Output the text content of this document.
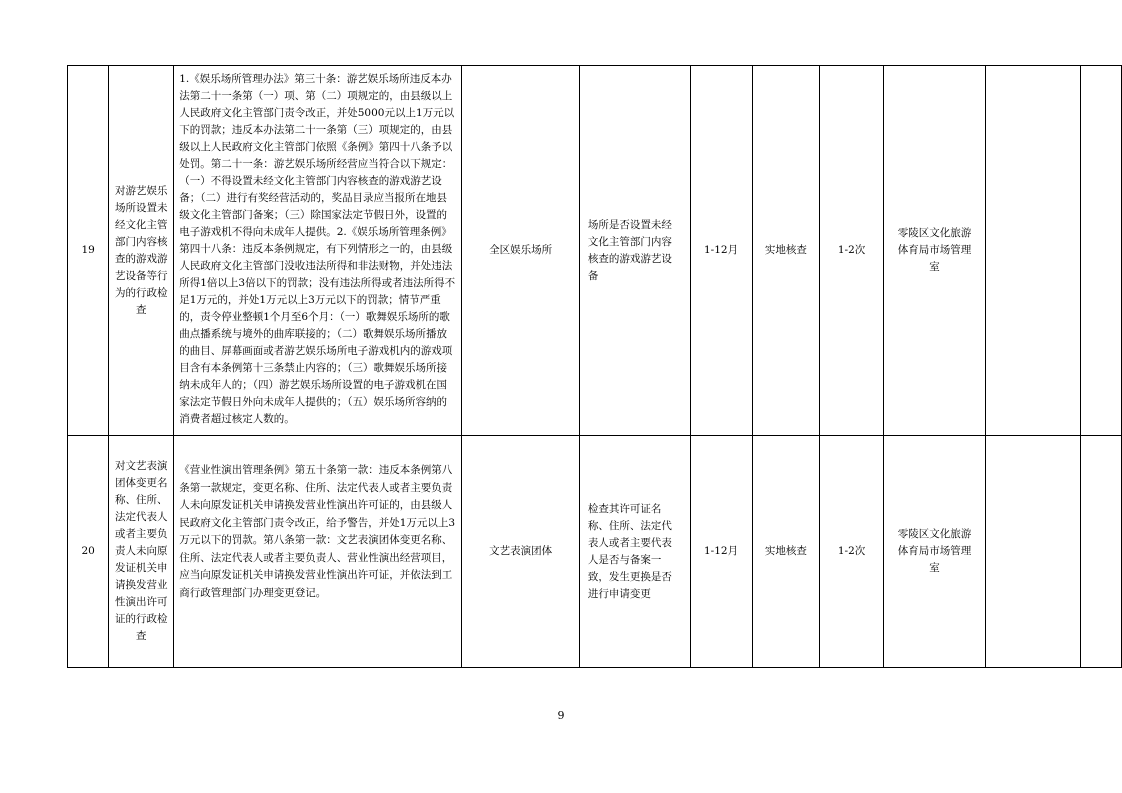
19	对游艺娱乐场所设置未经文化主管部门内容核查的游戏游艺设备等行为的行政检查	1.《娱乐场所管理办法》第三十条：游艺娱乐场所违反本办法第二十一条第（一）项、第（二）项规定的，由县级以上人民政府文化主管部门责令改正，并处5000元以上1万元以下的罚款；违反本办法第二十一条第（三）项规定的，由县级以上人民政府文化主管部门依照《条例》第四十八条予以处罚。第二十一条：游艺娱乐场所经营应当符合以下规定：（一）不得设置未经文化主管部门内容核查的游戏游艺设备；（二）进行有奖经营活动的，奖品目录应当报所在地县级文化主管部门备案；（三）除国家法定节假日外，设置的电子游戏机不得向未成年人提供。2.《娱乐场所管理条例》第四十八条：违反本条例规定，有下列情形之一的，由县级人民政府文化主管部门没收违法所得和非法财物，并处违法所得1倍以上3倍以下的罚款；没有违法所得或者违法所得不足1万元的，并处1万元以上3万元以下的罚款；情节严重的，责令停业整顿1个月至6个月：（一）歌舞娱乐场所的歌曲点播系统与境外的曲库联接的；（二）歌舞娱乐场所播放的曲目、屏幕画面或者游艺娱乐场所电子游戏机内的游戏项目含有本条例第十三条禁止内容的；（三）歌舞娱乐场所接纳未成年人的；（四）游艺娱乐场所设置的电子游戏机在国家法定节假日外向未成年人提供的；（五）娱乐场所容纳的消费者超过核定人数的。	全区娱乐场所	场所是否设置未经文化主管部门内容核查的游戏游艺设备	1-12月	实地核查	1-2次	零陵区文化旅游体育局市场管理室		
20	对文艺表演团体变更名称、住所、法定代表人或者主要负责人未向原发证机关申请换发营业性演出许可证的行政检查	《营业性演出管理条例》第五十条第一款：违反本条例第八条第一款规定，变更名称、住所、法定代表人或者主要负责人未向原发证机关申请换发营业性演出许可证的，由县级人民政府文化主管部门责令改正，给予警告，并处1万元以上3万元以下的罚款。第八条第一款：文艺表演团体变更名称、住所、法定代表人或者主要负责人、营业性演出经营项目，应当向原发证机关申请换发营业性演出许可证，并依法到工商行政管理部门办理变更登记。	文艺表演团体	检查其许可证名称、住所、法定代表人或者主要代表人是否与备案一致，发生更换是否进行申请变更	1-12月	实地核查	1-2次	零陵区文化旅游体育局市场管理室		
9
